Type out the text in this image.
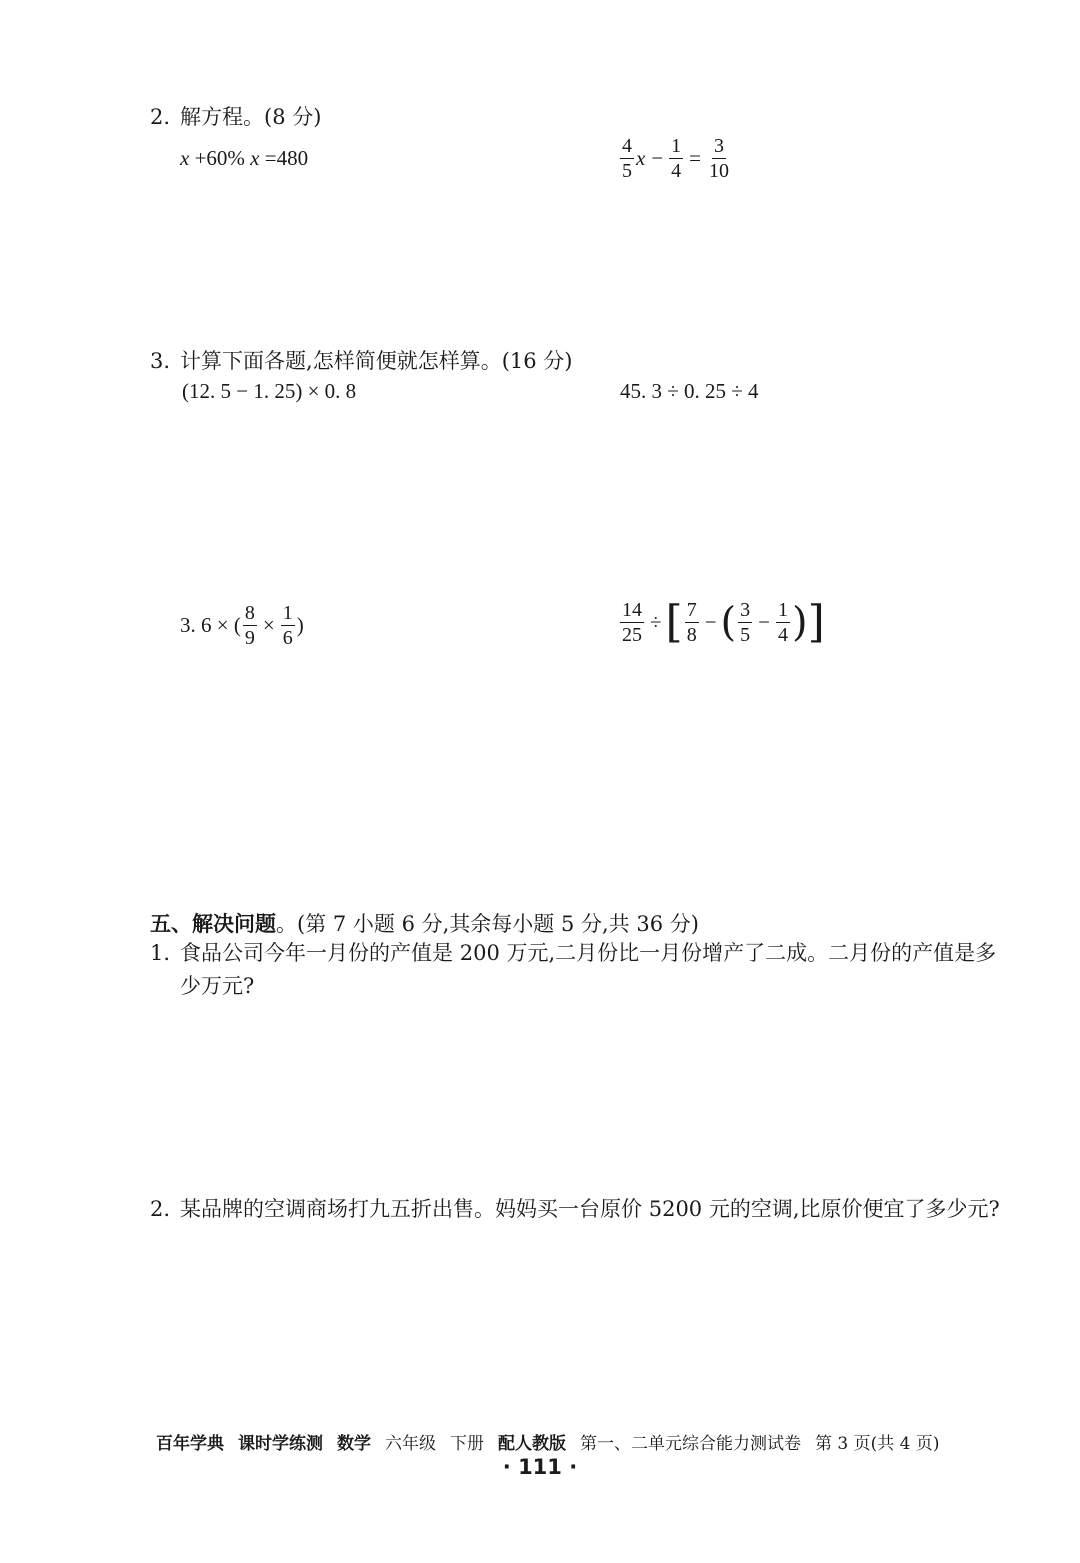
2. 解方程。(8 分)
x +60% x =480	$\frac{4}{5}$ $x - \frac{1}{4} = \frac{3}{10}$
3. 计算下面各题,怎样简便就怎样算。(16 分)
(12. 5 − 1. 25) × 0. 8	45. 3 ÷ 0. 25 ÷ 4
3. 6 × ( $\frac{8}{9} \times \frac{1}{6}$ )	$\frac{14}{25}$ ÷[ $\frac{7}{8}$ − ( $\frac{3}{5} - \frac{1}{4}$ )]
五、解决问题。(第 7 小题 6 分,其余每小题 5 分,共 36 分)
1. 食品公司今年一月份的产值是 200 万元,二月份比一月份增产了二成。二月份的产值是多少万元?
2. 某品牌的空调商场打九五折出售。妈妈买一台原价 5200 元的空调,比原价便宜了多少元?
百年学典 课时学练测 数学 六年级 下册 配人教版 第一、二单元综合能力测试卷 第 3 页(共 4 页)
· 111 ·
